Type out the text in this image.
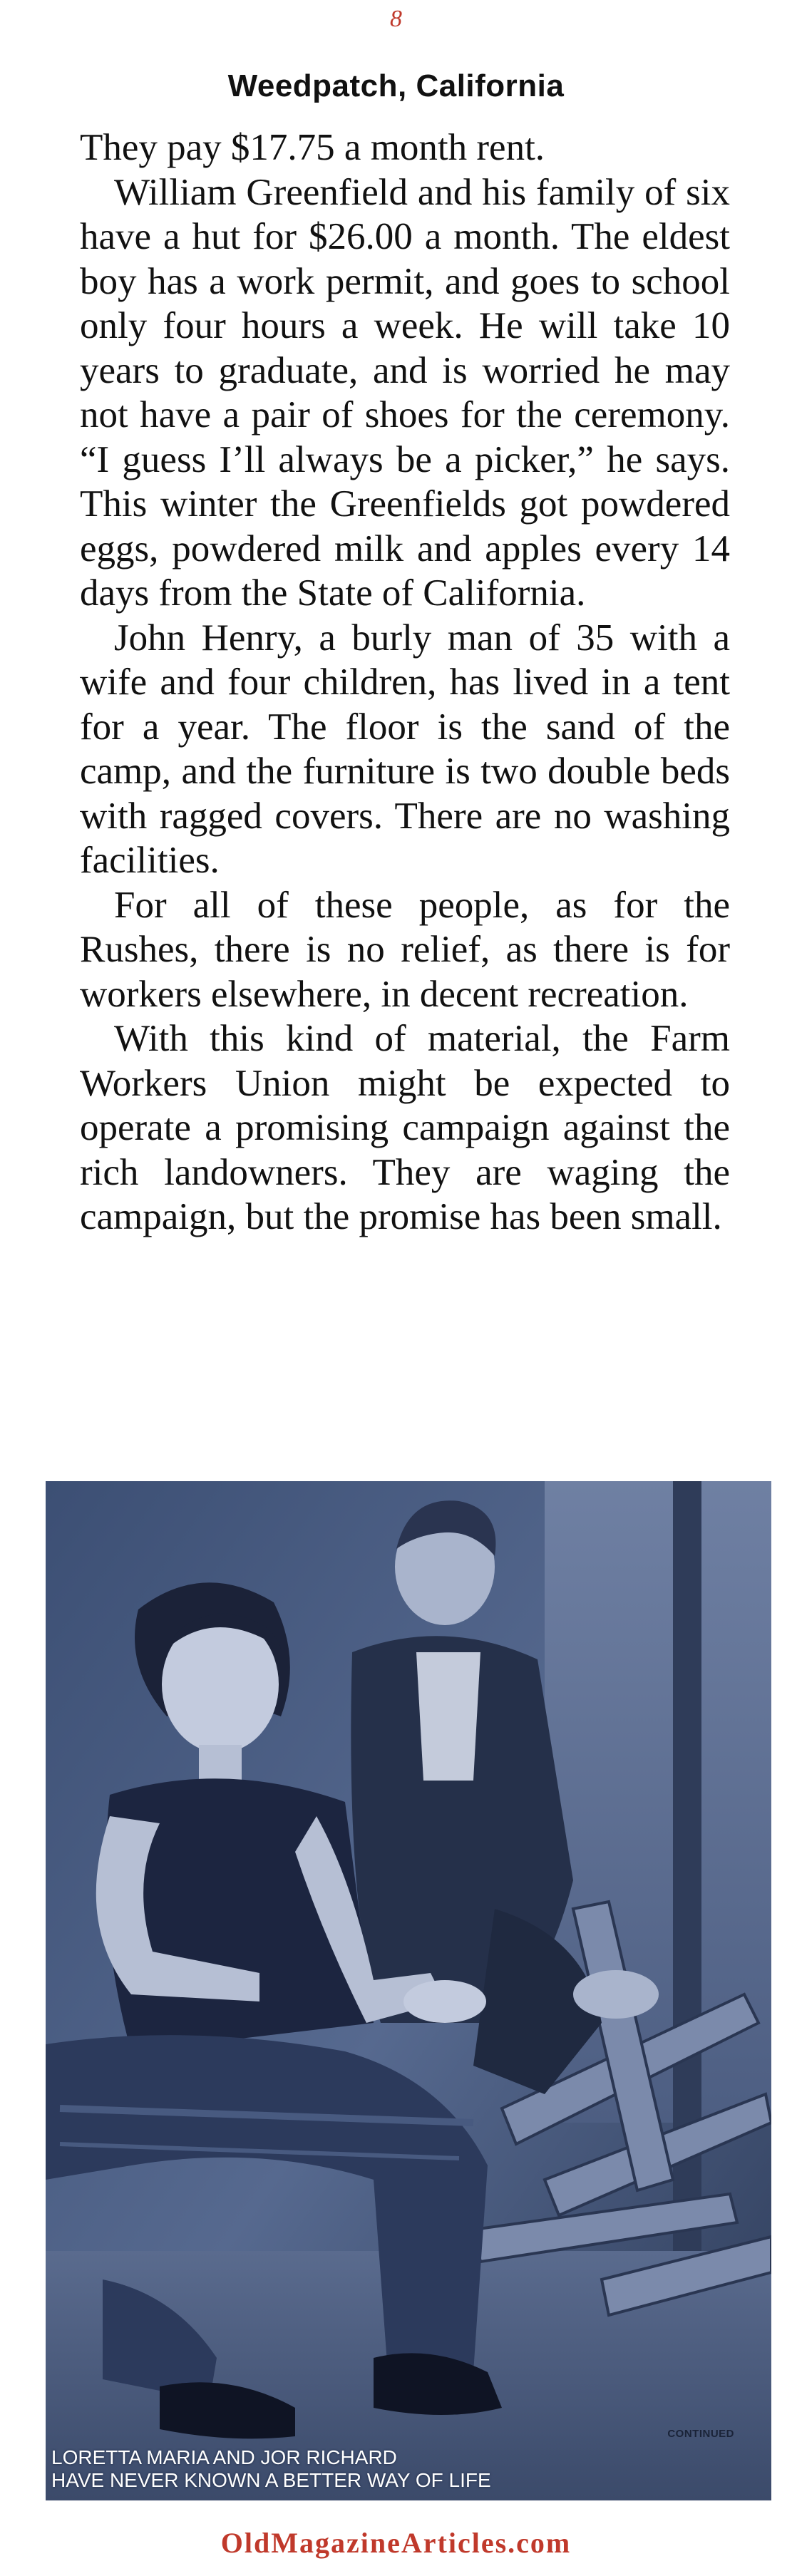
8
Weedpatch, California

They pay $17.75 a month rent.

William Greenfield and his family of six have a hut for $26.00 a month. The eldest boy has a work permit, and goes to school only four hours a week. He will take 10 years to graduate, and is worried he may not have a pair of shoes for the ceremony. “I guess I’ll always be a picker,” he says. This winter the Greenfields got powdered eggs, powdered milk and apples every 14 days from the State of California.

John Henry, a burly man of 35 with a wife and four children, has lived in a tent for a year. The floor is the sand of the camp, and the furniture is two double beds with ragged covers. There are no washing facilities.

For all of these people, as for the Rushes, there is no relief, as there is for workers elsewhere, in decent recreation.

With this kind of material, the Farm Workers Union might be expected to operate a promising campaign against the rich landowners. They are waging the campaign, but the promise has been small.

CONTINUED
LORETTA MARIA AND JOR RICHARD
HAVE NEVER KNOWN A BETTER WAY OF LIFE
OldMagazineArticles.com
